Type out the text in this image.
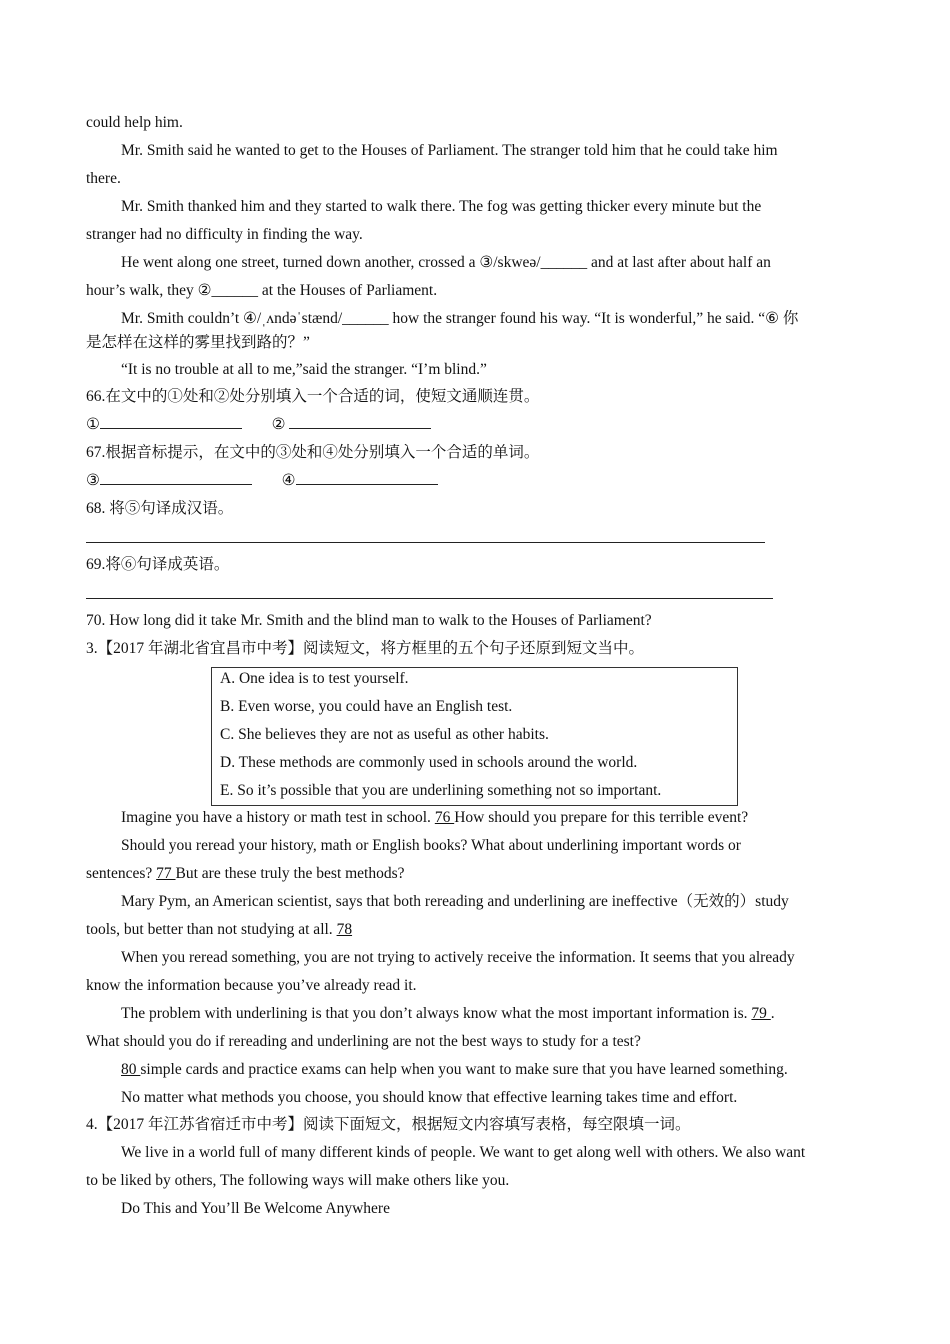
could help him.
Mr. Smith said he wanted to get to the Houses of Parliament. The stranger told him that he could take him
there.
Mr. Smith thanked him and they started to walk there. The fog was getting thicker every minute but the
stranger had no difficulty in finding the way.
He went along one street, turned down another, crossed a ③/skweə/______ and at last after about half an
hour’s walk, they ②______ at the Houses of Parliament.
Mr. Smith couldn’t ④/ˌʌndəˈstænd/______ how the stranger found his way. “It is wonderful,” he said. “⑥ 你
是怎样在这样的雾里找到路的？”
“It is no trouble at all to me,”said the stranger. “I’m blind.”
66.在文中的①处和②处分别填入一个合适的词，使短文通顺连贯。
①	②
67.根据音标提示，在文中的③处和④处分别填入一个合适的单词。
③	④
68. 将⑤句译成汉语。
69.将⑥句译成英语。
70. How long did it take Mr. Smith and the blind man to walk to the Houses of Parliament?
3.【2017 年湖北省宜昌市中考】阅读短文，将方框里的五个句子还原到短文当中。
A. One idea is to test yourself.
B. Even worse, you could have an English test.
C. She believes they are not as useful as other habits.
D. These methods are commonly used in schools around the world.
E. So it’s possible that you are underlining something not so important.
Imagine you have a history or math test in school. 76 How should you prepare for this terrible event?
Should you reread your history, math or English books? What about underlining important words or
sentences? 77 But are these truly the best methods?
Mary Pym, an American scientist, says that both rereading and underlining are ineffective（无效的）study
tools, but better than not studying at all. 78
When you reread something, you are not trying to actively receive the information. It seems that you already
know the information because you’ve already read it.
The problem with underlining is that you don’t always know what the most important information is. 79 .
What should you do if rereading and underlining are not the best ways to study for a test?
80 simple cards and practice exams can help when you want to make sure that you have learned something.
No matter what methods you choose, you should know that effective learning takes time and effort.
4.【2017 年江苏省宿迁市中考】阅读下面短文，根据短文内容填写表格，每空限填一词。
We live in a world full of many different kinds of people. We want to get along well with others. We also want
to be liked by others, The following ways will make others like you.
Do This and You’ll Be Welcome Anywhere
